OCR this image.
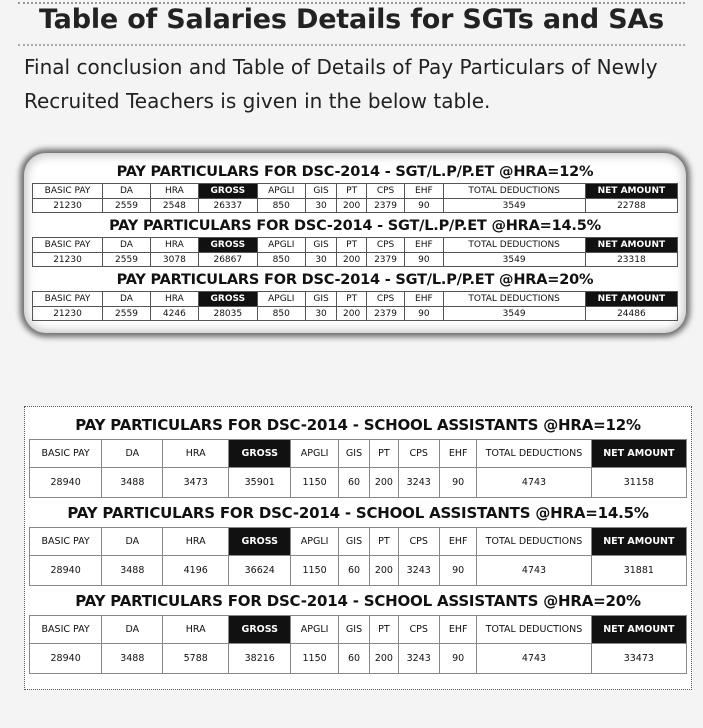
Table of Salaries Details for SGTs and SAs
Final conclusion and Table of Details of Pay Particulars of Newly Recruited Teachers is given in the below table.
PAY PARTICULARS FOR DSC-2014 - SGT/L.P/P.ET @HRA=12%
BASIC PAY	DA	HRA	GROSS	APGLI	GIS	PT	CPS	EHF	TOTAL DEDUCTIONS	NET AMOUNT
21230	2559	2548	26337	850	30	200	2379	90	3549	22788
PAY PARTICULARS FOR DSC-2014 - SGT/L.P/P.ET @HRA=14.5%
BASIC PAY	DA	HRA	GROSS	APGLI	GIS	PT	CPS	EHF	TOTAL DEDUCTIONS	NET AMOUNT
21230	2559	3078	26867	850	30	200	2379	90	3549	23318
PAY PARTICULARS FOR DSC-2014 - SGT/L.P/P.ET @HRA=20%
BASIC PAY	DA	HRA	GROSS	APGLI	GIS	PT	CPS	EHF	TOTAL DEDUCTIONS	NET AMOUNT
21230	2559	4246	28035	850	30	200	2379	90	3549	24486
PAY PARTICULARS FOR DSC-2014 - SCHOOL ASSISTANTS @HRA=12%
BASIC PAY	DA	HRA	GROSS	APGLI	GIS	PT	CPS	EHF	TOTAL DEDUCTIONS	NET AMOUNT
28940	3488	3473	35901	1150	60	200	3243	90	4743	31158
PAY PARTICULARS FOR DSC-2014 - SCHOOL ASSISTANTS @HRA=14.5%
BASIC PAY	DA	HRA	GROSS	APGLI	GIS	PT	CPS	EHF	TOTAL DEDUCTIONS	NET AMOUNT
28940	3488	4196	36624	1150	60	200	3243	90	4743	31881
PAY PARTICULARS FOR DSC-2014 - SCHOOL ASSISTANTS @HRA=20%
BASIC PAY	DA	HRA	GROSS	APGLI	GIS	PT	CPS	EHF	TOTAL DEDUCTIONS	NET AMOUNT
28940	3488	5788	38216	1150	60	200	3243	90	4743	33473
